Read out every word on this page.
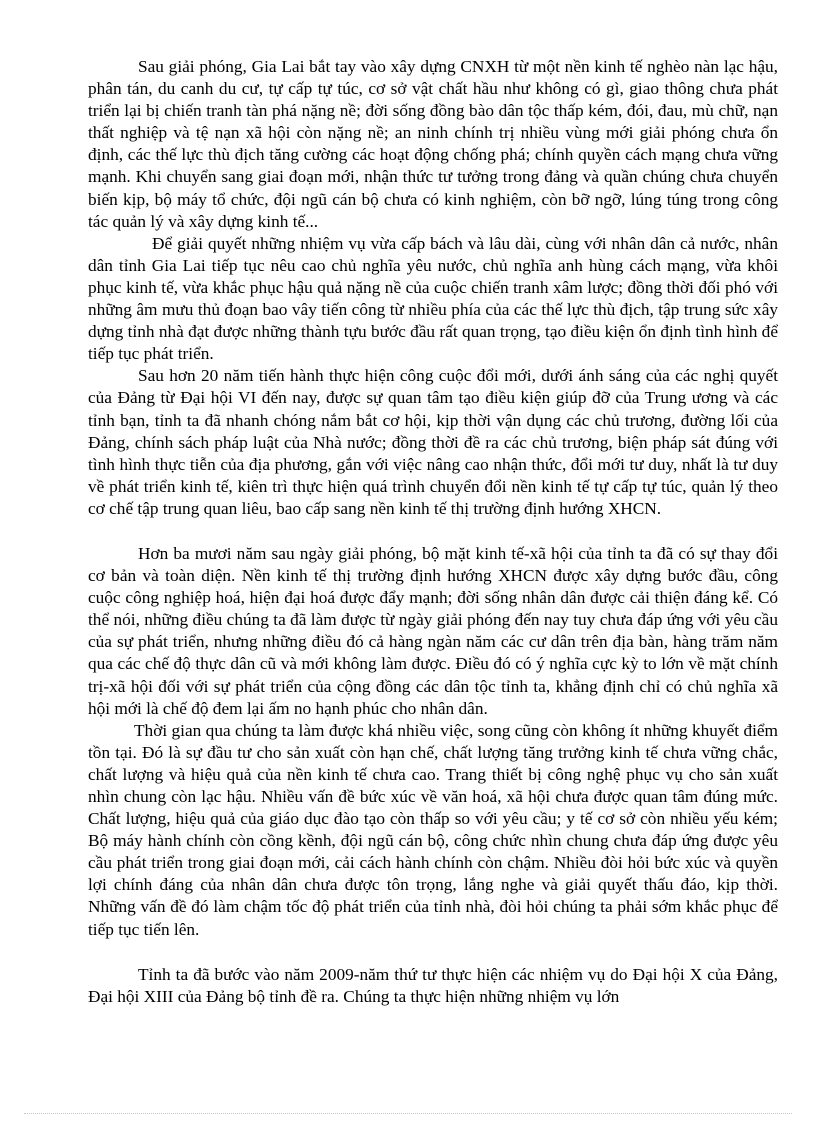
Sau giải phóng, Gia Lai bắt tay vào xây dựng CNXH từ một nền kinh tế nghèo nàn lạc hậu, phân tán, du canh du cư, tự cấp tự túc, cơ sở vật chất hầu như không có gì, giao thông chưa phát triển lại bị chiến tranh tàn phá nặng nề; đời sống đồng bào dân tộc thấp kém, đói, đau, mù chữ, nạn thất nghiệp và tệ nạn xã hội còn nặng nề; an ninh chính trị nhiều vùng mới giải phóng chưa ổn định, các thế lực thù địch tăng cường các hoạt động chống phá; chính quyền cách mạng chưa vững mạnh. Khi chuyển sang giai đoạn mới, nhận thức tư tưởng trong đảng và quần chúng chưa chuyển biến kịp, bộ máy tổ chức, đội ngũ cán bộ chưa có kinh nghiệm, còn bỡ ngỡ, lúng túng trong công tác quản lý và xây dựng kinh tế...

Để giải quyết những nhiệm vụ vừa cấp bách và lâu dài, cùng với nhân dân cả nước, nhân dân tỉnh Gia Lai tiếp tục nêu cao chủ nghĩa yêu nước, chủ nghĩa anh hùng cách mạng, vừa khôi phục kinh tế, vừa khắc phục hậu quả nặng nề của cuộc chiến tranh xâm lược; đồng thời đối phó với những âm mưu thủ đoạn bao vây tiến công từ nhiều phía của các thế lực thù địch, tập trung sức xây dựng tỉnh nhà đạt được những thành tựu bước đầu rất quan trọng, tạo điều kiện ổn định tình hình để tiếp tục phát triển.

Sau hơn 20 năm tiến hành thực hiện công cuộc đổi mới, dưới ánh sáng của các nghị quyết của Đảng từ Đại hội VI đến nay, được sự quan tâm tạo điều kiện giúp đỡ của Trung ương và các tỉnh bạn, tỉnh ta đã nhanh chóng nắm bắt cơ hội, kịp thời vận dụng các chủ trương, đường lối của Đảng, chính sách pháp luật của Nhà nước; đồng thời đề ra các chủ trương, biện pháp sát đúng với tình hình thực tiễn của địa phương, gắn với việc nâng cao nhận thức, đổi mới tư duy, nhất là tư duy về phát triển kinh tế, kiên trì thực hiện quá trình chuyển đổi nền kinh tế tự cấp tự túc, quản lý theo cơ chế tập trung quan liêu, bao cấp sang nền kinh tế thị trường định hướng XHCN.

Hơn ba mươi năm sau ngày giải phóng, bộ mặt kinh tế-xã hội của tỉnh ta đã có sự thay đổi cơ bản và toàn diện. Nền kinh tế thị trường định hướng XHCN được xây dựng bước đầu, công cuộc công nghiệp hoá, hiện đại hoá được đẩy mạnh; đời sống nhân dân được cải thiện đáng kể. Có thể nói, những điều chúng ta đã làm được từ ngày giải phóng đến nay tuy chưa đáp ứng với yêu cầu của sự phát triển, nhưng những điều đó cả hàng ngàn năm các cư dân trên địa bàn, hàng trăm năm qua các chế độ thực dân cũ và mới không làm được. Điều đó có ý nghĩa cực kỳ to lớn về mặt chính trị-xã hội đối với sự phát triển của cộng đồng các dân tộc tỉnh ta, khẳng định chỉ có chủ nghĩa xã hội mới là chế độ đem lại ấm no hạnh phúc cho nhân dân.

Thời gian qua chúng ta làm được khá nhiều việc, song cũng còn không ít những khuyết điểm tồn tại. Đó là sự đầu tư cho sản xuất còn hạn chế, chất lượng tăng trưởng kinh tế chưa vững chắc, chất lượng và hiệu quả của nền kinh tế chưa cao. Trang thiết bị công nghệ phục vụ cho sản xuất nhìn chung còn lạc hậu. Nhiều vấn đề bức xúc về văn hoá, xã hội chưa được quan tâm đúng mức. Chất lượng, hiệu quả của giáo dục đào tạo còn thấp so với yêu cầu; y tế cơ sở còn nhiều yếu kém; Bộ máy hành chính còn cồng kềnh, đội ngũ cán bộ, công chức nhìn chung chưa đáp ứng được yêu cầu phát triển trong giai đoạn mới, cải cách hành chính còn chậm. Nhiều đòi hỏi bức xúc và quyền lợi chính đáng của nhân dân chưa được tôn trọng, lắng nghe và giải quyết thấu đáo, kịp thời. Những vấn đề đó làm chậm tốc độ phát triển của tỉnh nhà, đòi hỏi chúng ta phải sớm khắc phục để tiếp tục tiến lên.

Tỉnh ta đã bước vào năm 2009-năm thứ tư thực hiện các nhiệm vụ do Đại hội X của Đảng, Đại hội XIII của Đảng bộ tỉnh đề ra. Chúng ta thực hiện những nhiệm vụ lớn
